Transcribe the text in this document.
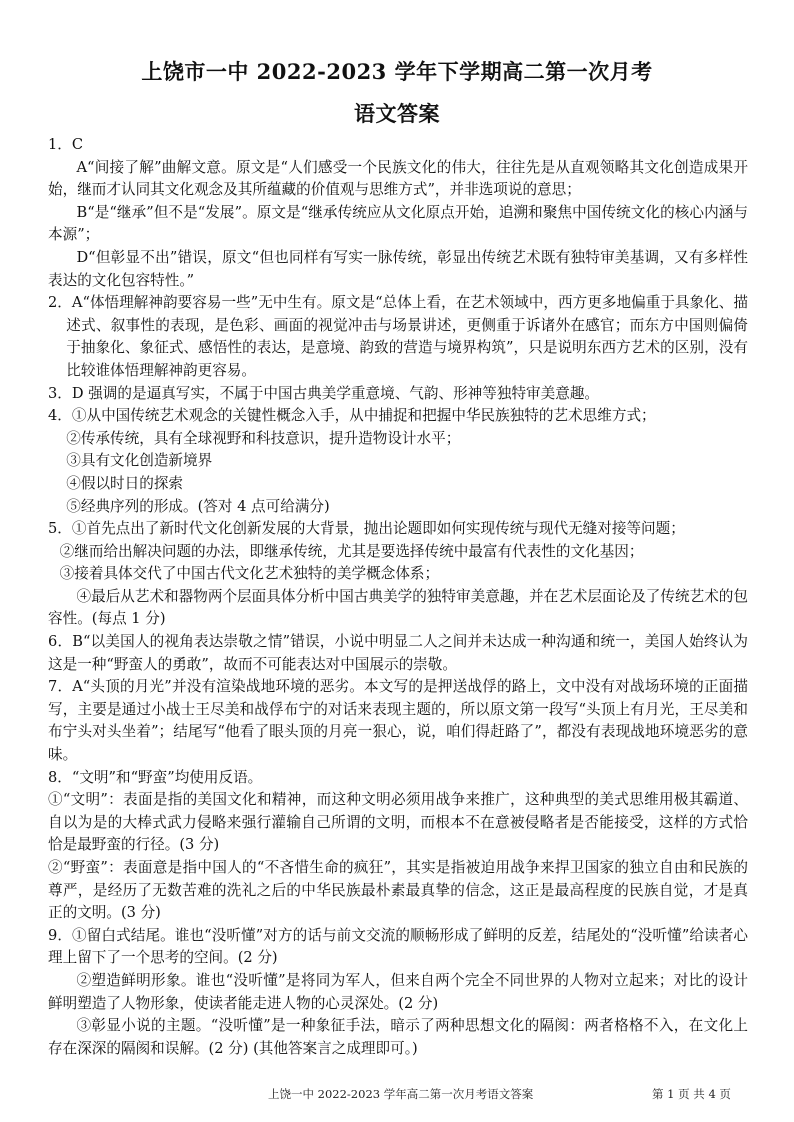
上饶市一中 2022-2023 学年下学期高二第一次月考
语文答案

1．C

A“间接了解”曲解文意。原文是“人们感受一个民族文化的伟大，往往先是从直观领略其文化创造成果开始，继而才认同其文化观念及其所蕴藏的价值观与思维方式”，并非选项说的意思；

B“是“继承”但不是“发展”。原文是“继承传统应从文化原点开始，追溯和聚焦中国传统文化的核心内涵与本源”；

D“但彰显不出”错误，原文“但也同样有写实一脉传统，彰显出传统艺术既有独特审美基调，又有多样性表达的文化包容特性。”

2．A“体悟理解神韵要容易一些”无中生有。原文是“总体上看，在艺术领域中，西方更多地偏重于具象化、描述式、叙事性的表现，是色彩、画面的视觉冲击与场景讲述，更侧重于诉诸外在感官；而东方中国则偏倚于抽象化、象征式、感悟性的表达，是意境、韵致的营造与境界构筑”，只是说明东西方艺术的区别，没有比较谁体悟理解神韵更容易。

3．D 强调的是逼真写实，不属于中国古典美学重意境、气韵、形神等独特审美意趣。

4．①从中国传统艺术观念的关键性概念入手，从中捕捉和把握中华民族独特的艺术思维方式；

②传承传统，具有全球视野和科技意识，提升造物设计水平；

③具有文化创造新境界

④假以时日的探索

⑤经典序列的形成。(答对 4 点可给满分)

5．①首先点出了新时代文化创新发展的大背景，抛出论题即如何实现传统与现代无缝对接等问题；

②继而给出解决问题的办法，即继承传统，尤其是要选择传统中最富有代表性的文化基因；

③接着具体交代了中国古代文化艺术独特的美学概念体系；

④最后从艺术和器物两个层面具体分析中国古典美学的独特审美意趣，并在艺术层面论及了传统艺术的包容性。(每点 1 分)

6．B“以美国人的视角表达崇敬之情”错误，小说中明显二人之间并未达成一种沟通和统一，美国人始终认为这是一种“野蛮人的勇敢”，故而不可能表达对中国展示的崇敬。

7．A“头顶的月光”并没有渲染战地环境的恶劣。本文写的是押送战俘的路上，文中没有对战场环境的正面描写，主要是通过小战士王尽美和战俘布宁的对话来表现主题的，所以原文第一段写“头顶上有月光，王尽美和布宁头对头坐着”；结尾写“他看了眼头顶的月亮一狠心，说，咱们得赶路了”，都没有表现战地环境恶劣的意味。

8．“文明”和“野蛮”均使用反语。

①“文明”：表面是指的美国文化和精神，而这种文明必须用战争来推广，这种典型的美式思维用极其霸道、自以为是的大棒式武力侵略来强行灌输自己所谓的文明，而根本不在意被侵略者是否能接受，这样的方式恰恰是最野蛮的行径。(3 分)

②“野蛮”：表面意是指中国人的“不吝惜生命的疯狂”，其实是指被迫用战争来捍卫国家的独立自由和民族的尊严，是经历了无数苦难的洗礼之后的中华民族最朴素最真挚的信念，这正是最高程度的民族自觉，才是真正的文明。(3 分)

9．①留白式结尾。谁也“没听懂”对方的话与前文交流的顺畅形成了鲜明的反差，结尾处的“没听懂”给读者心理上留下了一个思考的空间。(2 分)

②塑造鲜明形象。谁也“没听懂”是将同为军人，但来自两个完全不同世界的人物对立起来；对比的设计鲜明塑造了人物形象，使读者能走进人物的心灵深处。(2 分)

③彰显小说的主题。“没听懂”是一种象征手法，暗示了两种思想文化的隔阂：两者格格不入，在文化上存在深深的隔阂和误解。(2 分) (其他答案言之成理即可。)

上饶一中 2022-2023 学年高二第一次月考语文答案	第 1 页 共 4 页
